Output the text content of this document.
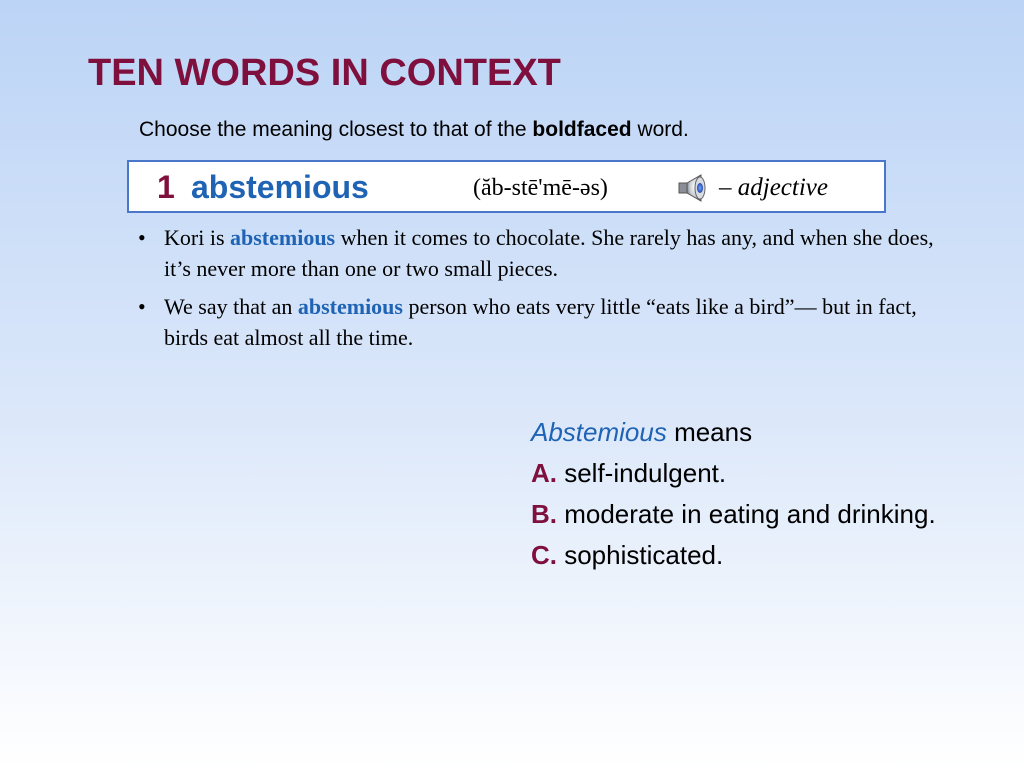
TEN WORDS IN CONTEXT
Choose the meaning closest to that of the boldfaced word.
1 abstemious	(ăb-stē'mē-əs)	– adjective
• Kori is abstemious when it comes to chocolate. She rarely has any, and when she does, it’s never more than one or two small pieces.
• We say that an abstemious person who eats very little “eats like a bird”— but in fact, birds eat almost all the time.
Abstemious means
A. self-indulgent.
B. moderate in eating and drinking.
C. sophisticated.
